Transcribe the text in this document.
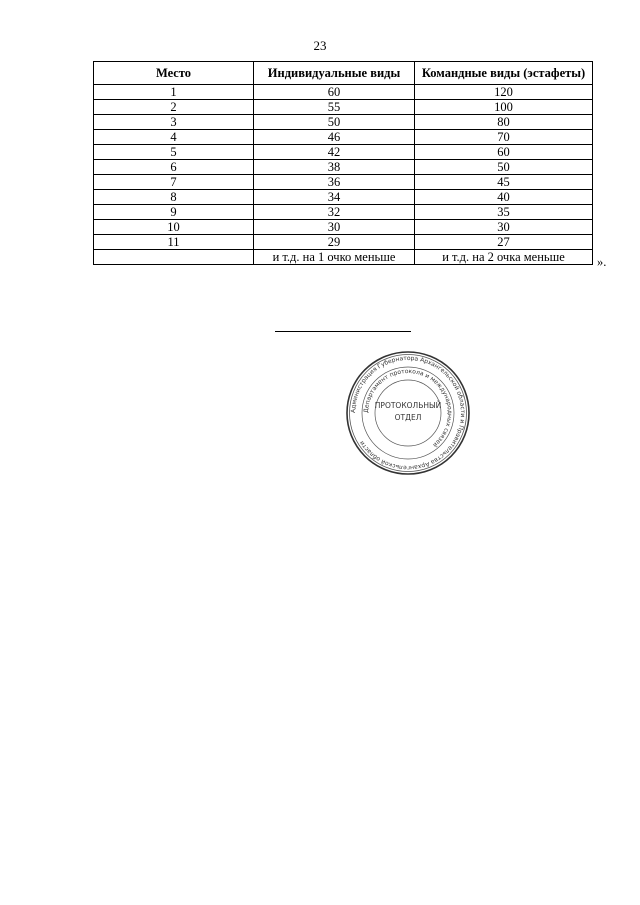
23
Место	Индивидуальные виды	Командные виды (эстафеты)
1	60	120
2	55	100
3	50	80
4	46	70
5	42	60
6	38	50
7	36	45
8	34	40
9	32	35
10	30	30
11	29	27
	и т.д. на 1 очко меньше	и т.д. на 2 очка меньше	».
Администрация Губернатора Архангельской области и Правительства Архангельской области
Департамент протокола и международных связей
ПРОТОКОЛЬНЫЙ
ОТДЕЛ
